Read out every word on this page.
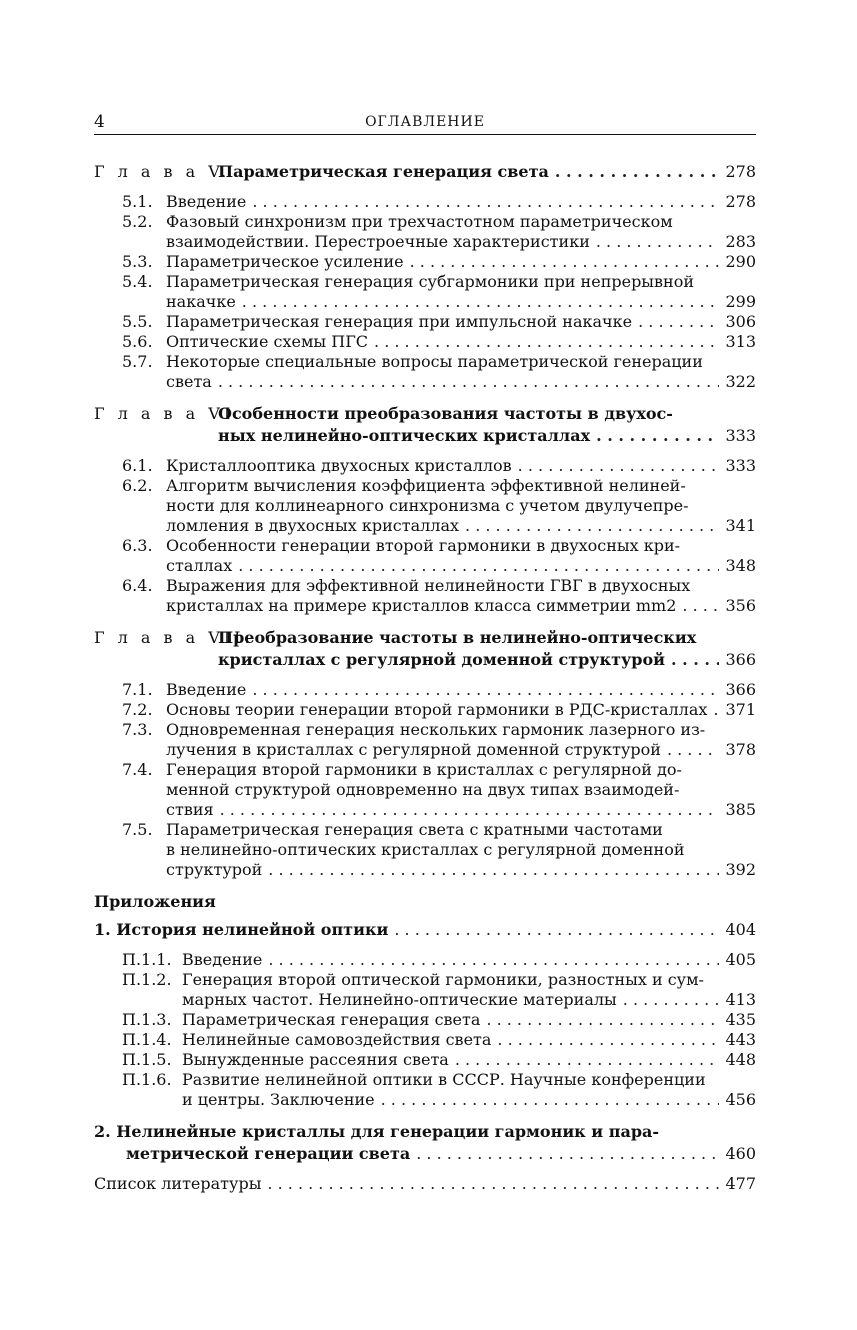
4	ОГЛАВЛЕНИЕ
Г л а в а V.
Параметрическая генерация света . . .	278
5.1. Введение . . .	278
5.2. Фазовый синхронизм при трехчастотном параметрическом
взаимодействии. Перестроечные характеристики . . .	283
5.3. Параметрическое усиление . . .	290
5.4. Параметрическая генерация субгармоники при непрерывной
накачке . . .	299
5.5. Параметрическая генерация при импульсной накачке . . .	306
5.6. Оптические схемы ПГС . . .	313
5.7. Некоторые специальные вопросы параметрической генерации
света . . .	322
Г л а в а VI.
Особенности преобразования частоты в двухос-
ных нелинейно-оптических кристаллах . . .	333
6.1. Кристаллооптика двухосных кристаллов . . .	333
6.2. Алгоритм вычисления коэффициента эффективной нелиней-
ности для коллинеарного синхронизма с учетом двулучепре-
ломления в двухосных кристаллах . . .	341
6.3. Особенности генерации второй гармоники в двухосных кри-
сталлах . . .	348
6.4. Выражения для эффективной нелинейности ГВГ в двухосных
кристаллах на примере кристаллов класса симметрии mm2 . . .	356
Г л а в а VII.
Преобразование частоты в нелинейно-оптических
кристаллах с регулярной доменной структурой . . .	366
7.1. Введение . . .	366
7.2. Основы теории генерации второй гармоники в РДС-кристаллах . . . 371
7.3. Одновременная генерация нескольких гармоник лазерного из-
лучения в кристаллах с регулярной доменной структурой . . .	378
7.4. Генерация второй гармоники в кристаллах с регулярной до-
менной структурой одновременно на двух типах взаимодей-
ствия . . .	385
7.5. Параметрическая генерация света с кратными частотами
в нелинейно-оптических кристаллах с регулярной доменной
структурой . . .	392
Приложения
1. История нелинейной оптики . . .	404
П.1.1. Введение . . .	405
П.1.2. Генерация второй оптической гармоники, разностных и сум-
марных частот. Нелинейно-оптические материалы . . .	413
П.1.3. Параметрическая генерация света . . .	435
П.1.4. Нелинейные самовоздействия света . . .	443
П.1.5. Вынужденные рассеяния света . . .	448
П.1.6. Развитие нелинейной оптики в СССР. Научные конференции
и центры. Заключение . . .	456
2. Нелинейные кристаллы для генерации гармоник и пара-
метрической генерации света . . .	460
Список литературы . . .	477
